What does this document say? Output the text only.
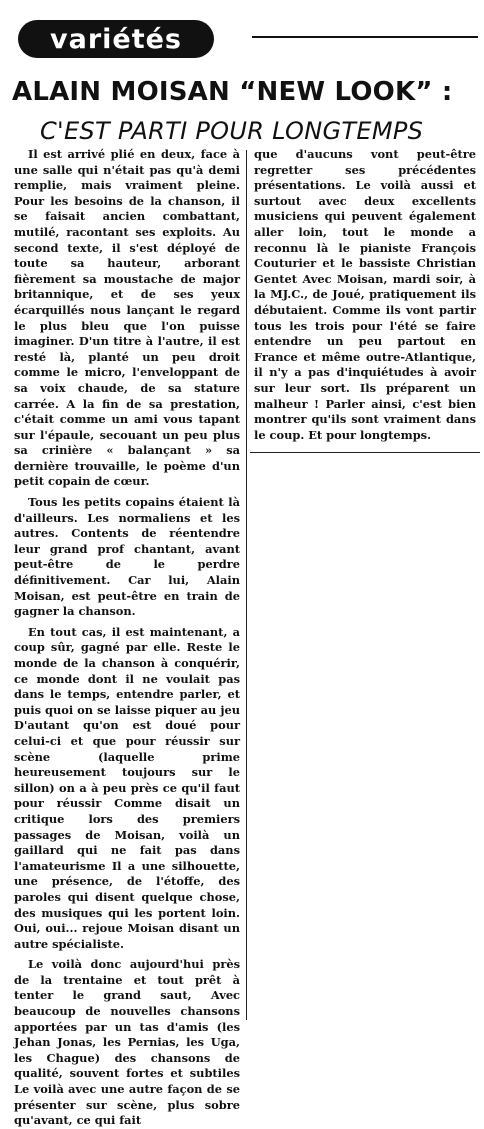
variétés
ALAIN MOISAN “NEW LOOK” :
C'EST PARTI POUR LONGTEMPS

Il est arrivé plié en deux, face à une salle qui n'était pas qu'à demi remplie, mais vraiment pleine. Pour les besoins de la chanson, il se faisait ancien combattant, mutilé, racontant ses exploits. Au second texte, il s'est déployé de toute sa hauteur, arborant fièrement sa moustache de major britannique, et de ses yeux écarquillés nous lançant le regard le plus bleu que l'on puisse imaginer. D'un titre à l'autre, il est resté là, planté un peu droit comme le micro, l'enveloppant de sa voix chaude, de sa stature carrée. A la fin de sa prestation, c'était comme un ami vous tapant sur l'épaule, secouant un peu plus sa crinière « balançant » sa dernière trouvaille, le poème d'un petit copain de cœur.

Tous les petits copains étaient là d'ailleurs. Les normaliens et les autres. Contents de réentendre leur grand prof chantant, avant peut-être de le perdre définitivement. Car lui, Alain Moisan, est peut-être en train de gagner la chanson.

En tout cas, il est maintenant, a coup sûr, gagné par elle. Reste le monde de la chanson à conquérir, ce monde dont il ne voulait pas dans le temps, entendre parler, et puis quoi on se laisse piquer au jeu D'autant qu'on est doué pour celui-ci et que pour réussir sur scène (laquelle prime heureusement toujours sur le sillon) on a à peu près ce qu'il faut pour réussir Comme disait un critique lors des premiers passages de Moisan, voilà un gaillard qui ne fait pas dans l'amateurisme Il a une silhouette, une présence, de l'étoffe, des paroles qui disent quelque chose, des musiques qui les portent loin. Oui, oui... rejoue Moisan disant un autre spécialiste.

Le voilà donc aujourd'hui près de la trentaine et tout prêt à tenter le grand saut, Avec beaucoup de nouvelles chansons apportées par un tas d'amis (les Jehan Jonas, les Pernias, les Uga, les Chague) des chansons de qualité, souvent fortes et subtiles Le voilà avec une autre façon de se présenter sur scène, plus sobre qu'avant, ce qui fait

que d'aucuns vont peut-être regretter ses précédentes présentations. Le voilà aussi et surtout avec deux excellents musiciens qui peuvent également aller loin, tout le monde a reconnu là le pianiste François Couturier et le bassiste Christian Gentet Avec Moisan, mardi soir, à la MJ.C., de Joué, pratiquement ils débutaient. Comme ils vont partir tous les trois pour l'été se faire entendre un peu partout en France et même outre-Atlantique, il n'y a pas d'inquiétudes à avoir sur leur sort. Ils préparent un malheur ! Parler ainsi, c'est bien montrer qu'ils sont vraiment dans le coup. Et pour longtemps.
